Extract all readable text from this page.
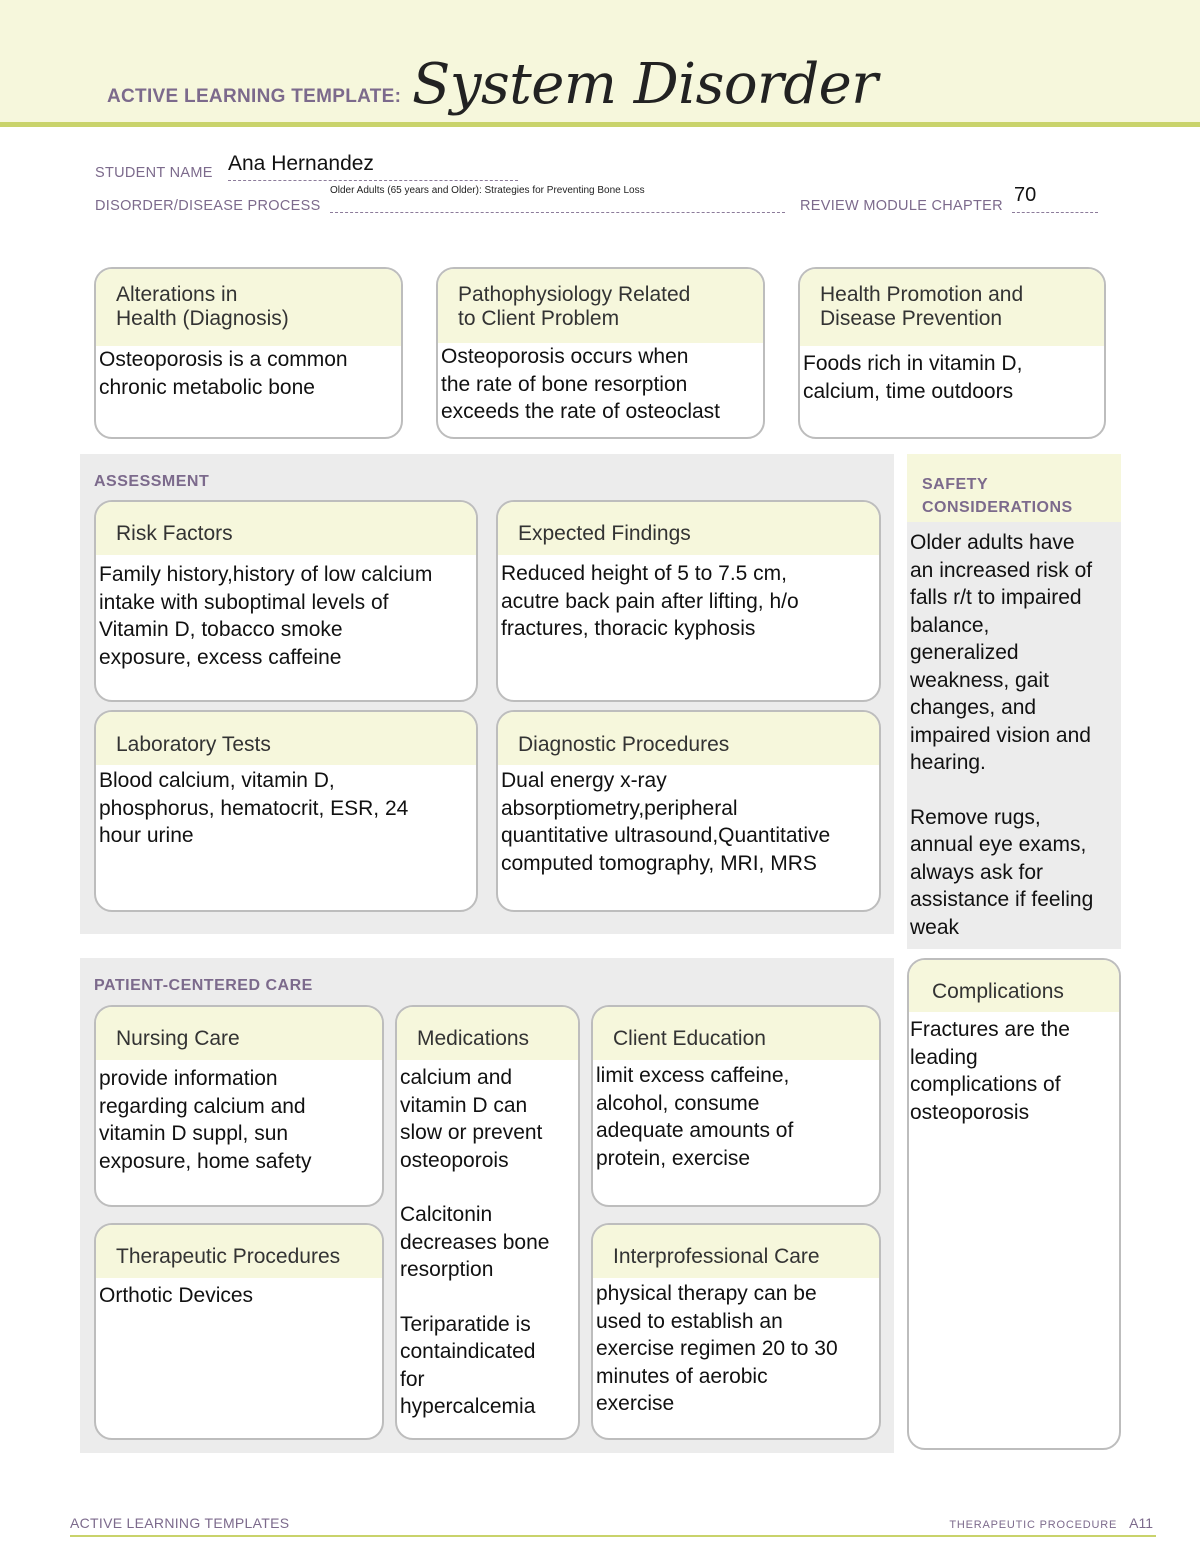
ACTIVE LEARNING TEMPLATE: System Disorder
STUDENT NAME Ana Hernandez
DISORDER/DISEASE PROCESS
Older Adults (65 years and Older): Strategies for Preventing Bone Loss
REVIEW MODULE CHAPTER 70
Alterations in
Health (Diagnosis)
Osteoporosis is a common
chronic metabolic bone
Pathophysiology Related
to Client Problem
Osteoporosis occurs when
the rate of bone resorption
exceeds the rate of osteoclast
Health Promotion and
Disease Prevention
Foods rich in vitamin D,
calcium, time outdoors
ASSESSMENT
Risk Factors
Family history,history of low calcium
intake with suboptimal levels of
Vitamin D, tobacco smoke
exposure, excess caffeine
Expected Findings
Reduced height of 5 to 7.5 cm,
acutre back pain after lifting, h/o
fractures, thoracic kyphosis
Laboratory Tests
Blood calcium, vitamin D,
phosphorus, hematocrit, ESR, 24
hour urine
Diagnostic Procedures
Dual energy x-ray
absorptiometry,peripheral
quantitative ultrasound,Quantitative
computed tomography, MRI, MRS
SAFETY
CONSIDERATIONS
Older adults have
an increased risk of
falls r/t to impaired
balance,
generalized
weakness, gait
changes, and
impaired vision and
hearing.
Remove rugs,
annual eye exams,
always ask for
assistance if feeling
weak
Complications
Fractures are the
leading
complications of
osteoporosis
PATIENT-CENTERED CARE
Nursing Care
provide information
regarding calcium and
vitamin D suppl, sun
exposure, home safety
Medications
calcium and
vitamin D can
slow or prevent
osteoporois
Calcitonin
decreases bone
resorption
Teriparatide is
containdicated
for
hypercalcemia
Client Education
limit excess caffeine,
alcohol, consume
adequate amounts of
protein, exercise
Therapeutic Procedures
Orthotic Devices
Interprofessional Care
physical therapy can be
used to establish an
exercise regimen 20 to 30
minutes of aerobic
exercise
ACTIVE LEARNING TEMPLATES	THERAPEUTIC PROCEDURE A11
